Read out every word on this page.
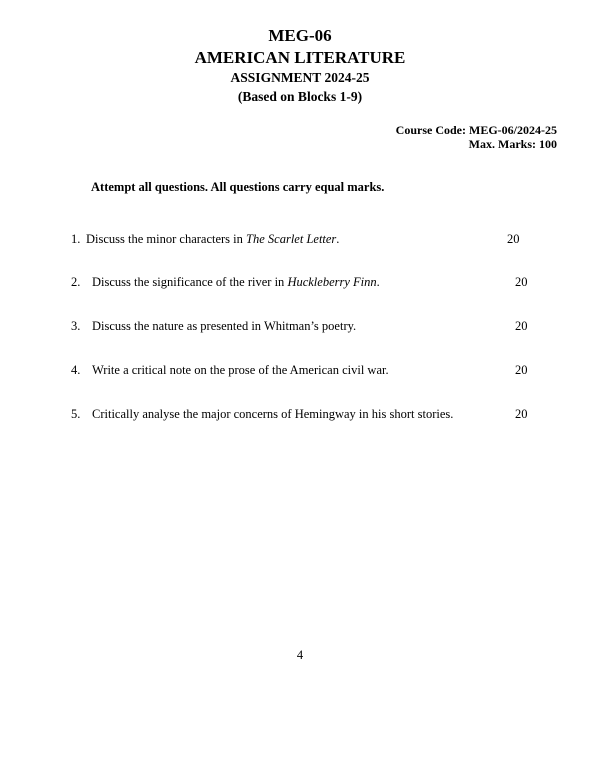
MEG-06
AMERICAN LITERATURE
ASSIGNMENT 2024-25
(Based on Blocks 1-9)
Course Code: MEG-06/2024-25
Max. Marks: 100
Attempt all questions. All questions carry equal marks.
1. Discuss the minor characters in The Scarlet Letter.	20
2. Discuss the significance of the river in Huckleberry Finn.	20
3. Discuss the nature as presented in Whitman’s poetry.	20
4. Write a critical note on the prose of the American civil war.	20
5. Critically analyse the major concerns of Hemingway in his short stories.	20
4
